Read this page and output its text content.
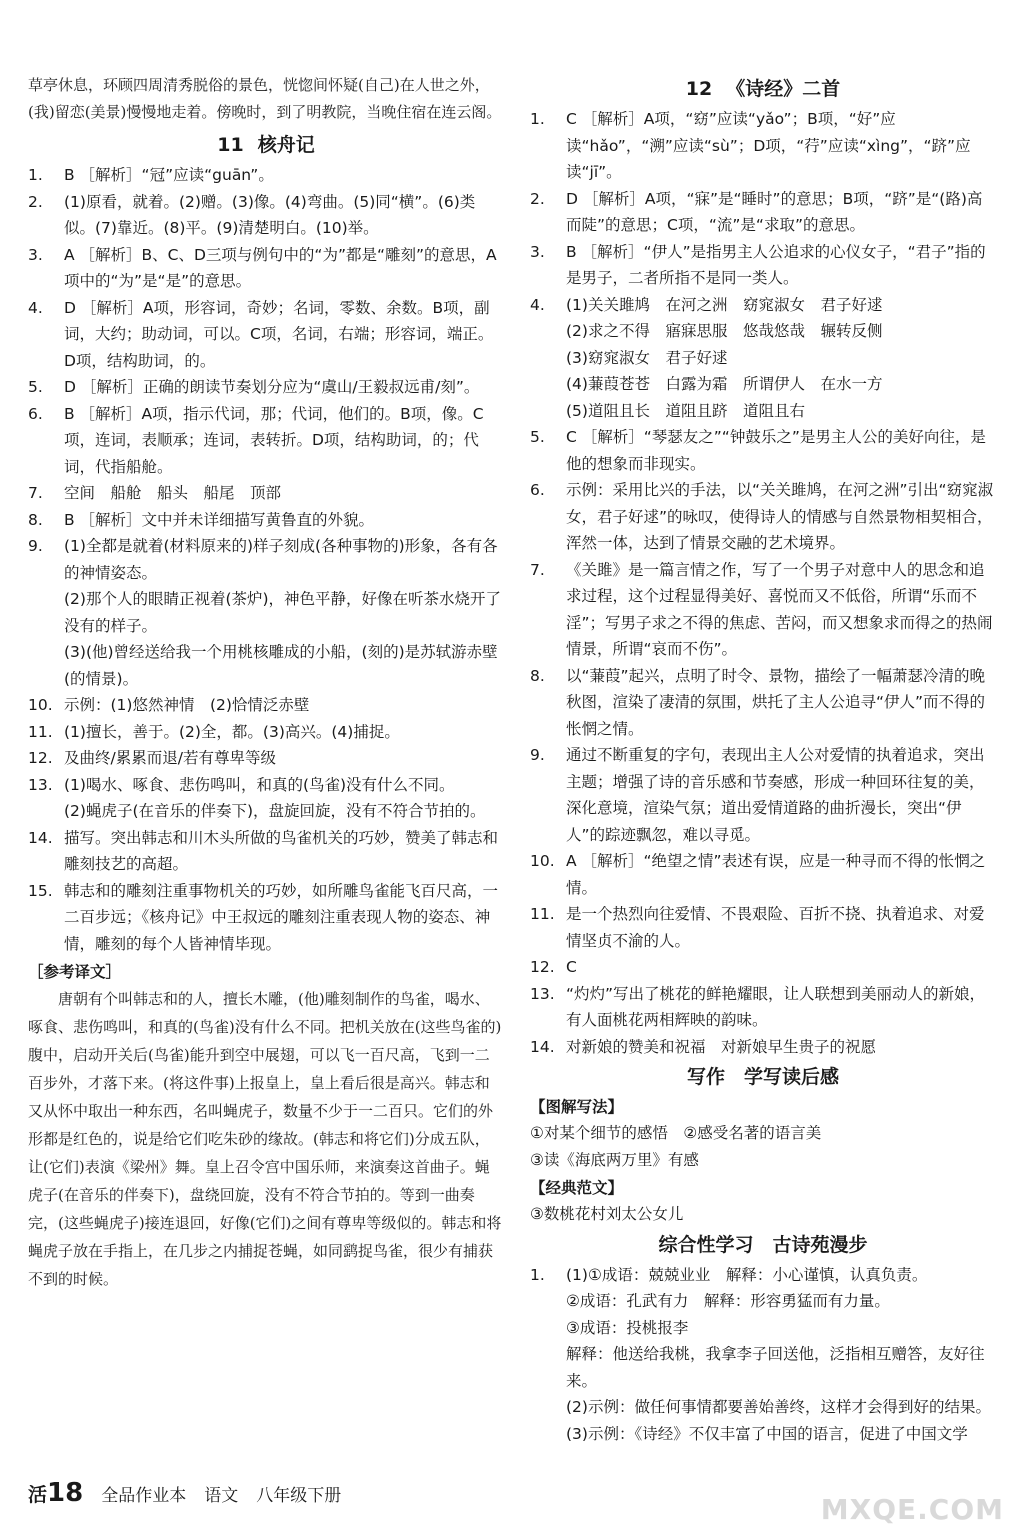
草亭休息，环顾四周清秀脱俗的景色，恍惚间怀疑(自己)在人世之外，(我)留恋(美景)慢慢地走着。傍晚时，到了明教院，当晚住宿在连云阁。

11 核舟记
1.	B ［解析］“冠”应读“guān”。
2.	(1)原看，就着。(2)赠。(3)像。(4)弯曲。(5)同“横”。(6)类似。(7)靠近。(8)平。(9)清楚明白。(10)举。
3.	A ［解析］B、C、D三项与例句中的“为”都是“雕刻”的意思，A项中的“为”是“是”的意思。
4.	D ［解析］A项，形容词，奇妙；名词，零数、余数。B项，副词，大约；助动词，可以。C项，名词，右端；形容词，端正。D项，结构助词，的。
5.	D ［解析］正确的朗读节奏划分应为“虞山/王毅叔远甫/刻”。
6.	B ［解析］A项，指示代词，那；代词，他们的。B项，像。C项，连词，表顺承；连词，表转折。D项，结构助词，的；代词，代指船舱。
7.	空间　船舱　船头　船尾　顶部
8.	B ［解析］文中并未详细描写黄鲁直的外貌。
9.	(1)全都是就着(材料原来的)样子刻成(各种事物的)形象，各有各的神情姿态。
(2)那个人的眼睛正视着(茶炉)，神色平静，好像在听茶水烧开了没有的样子。
(3)(他)曾经送给我一个用桃核雕成的小船，(刻的)是苏轼游赤壁(的情景)。
10. 示例：(1)悠然神情　(2)恰情泛赤壁
11. (1)擅长，善于。(2)全，都。(3)高兴。(4)捕捉。
12. 及曲终/累累而退/若有尊卑等级
13. (1)喝水、啄食、悲伤鸣叫，和真的(鸟雀)没有什么不同。
(2)蝇虎子(在音乐的伴奏下)，盘旋回旋，没有不符合节拍的。
14. 描写。突出韩志和川木头所做的鸟雀机关的巧妙，赞美了韩志和雕刻技艺的高超。
15. 韩志和的雕刻注重事物机关的巧妙，如所雕鸟雀能飞百尺高，一二百步远；《核舟记》中王叔远的雕刻注重表现人物的姿态、神情，雕刻的每个人皆神情毕现。
［参考译文］

唐朝有个叫韩志和的人，擅长木雕，(他)雕刻制作的鸟雀，喝水、啄食、悲伤鸣叫，和真的(鸟雀)没有什么不同。把机关放在(这些鸟雀的)腹中，启动开关后(鸟雀)能升到空中展翅，可以飞一百尺高，飞到一二百步外，才落下来。(将这件事)上报皇上，皇上看后很是高兴。韩志和又从怀中取出一种东西，名叫蝇虎子，数量不少于一二百只。它们的外形都是红色的，说是给它们吃朱砂的缘故。(韩志和将它们)分成五队，让(它们)表演《梁州》舞。皇上召令宫中国乐师，来演奏这首曲子。蝇虎子(在音乐的伴奏下)，盘绕回旋，没有不符合节拍的。等到一曲奏完，(这些蝇虎子)接连退回，好像(它们)之间有尊卑等级似的。韩志和将蝇虎子放在手指上，在几步之内捕捉苍蝇，如同鹞捉鸟雀，很少有捕获不到的时候。

12 《诗经》二首
1.	C ［解析］A项，“窈”应读“yǎo”；B项，“好”应读“hǎo”，“溯”应读“sù”；D项，“荇”应读“xìng”，“跻”应读“jī”。
2.	D ［解析］A项，“寐”是“睡时”的意思；B项，“跻”是“(路)高而陡”的意思；C项，“流”是“求取”的意思。
3.	B ［解析］“伊人”是指男主人公追求的心仪女子，“君子”指的是男子，二者所指不是同一类人。
4.	(1)关关雎鸠　在河之洲　窈窕淑女　君子好逑
(2)求之不得　寤寐思服　悠哉悠哉　辗转反侧
(3)窈窕淑女　君子好逑
(4)蒹葭苍苍　白露为霜　所谓伊人　在水一方
(5)道阻且长　道阻且跻　道阻且右
5.	C ［解析］“琴瑟友之”“钟鼓乐之”是男主人公的美好向往，是他的想象而非现实。
6.	示例：采用比兴的手法，以“关关雎鸠，在河之洲”引出“窈窕淑女，君子好逑”的咏叹，使得诗人的情感与自然景物相契相合，浑然一体，达到了情景交融的艺术境界。
7.	《关雎》是一篇言情之作，写了一个男子对意中人的思念和追求过程，这个过程显得美好、喜悦而又不低俗，所谓“乐而不淫”；写男子求之不得的焦虑、苦闷，而又想象求而得之的热闹情景，所谓“哀而不伤”。
8.	以“蒹葭”起兴，点明了时令、景物，描绘了一幅萧瑟冷清的晚秋图，渲染了凄清的氛围，烘托了主人公追寻“伊人”而不得的怅惘之情。
9.	通过不断重复的字句，表现出主人公对爱情的执着追求，突出主题；增强了诗的音乐感和节奏感，形成一种回环往复的美，深化意境，渲染气氛；道出爱情道路的曲折漫长，突出“伊人”的踪迹飘忽，难以寻觅。
10. A ［解析］“绝望之情”表述有误，应是一种寻而不得的怅惘之情。
11. 是一个热烈向往爱情、不畏艰险、百折不挠、执着追求、对爱情坚贞不渝的人。
12. C
13. “灼灼”写出了桃花的鲜艳耀眼，让人联想到美丽动人的新娘，有人面桃花两相辉映的韵味。
14. 对新娘的赞美和祝福　对新娘早生贵子的祝愿
写作　学写读后感
【图解写法】
①对某个细节的感悟　②感受名著的语言美
③读《海底两万里》有感
【经典范文】
③数桃花村刘太公女儿
综合性学习　古诗苑漫步
1.	(1)①成语：兢兢业业　解释：小心谨慎，认真负责。
②成语：孔武有力　解释：形容勇猛而有力量。
③成语：投桃报李
解释：他送给我桃，我拿李子回送他，泛指相互赠答，友好往来。
(2)示例：做任何事情都要善始善终，这样才会得到好的结果。
(3)示例：《诗经》不仅丰富了中国的语言，促进了中国文学
活18 全品作业本 语文 八年级下册	MXQE.COM
